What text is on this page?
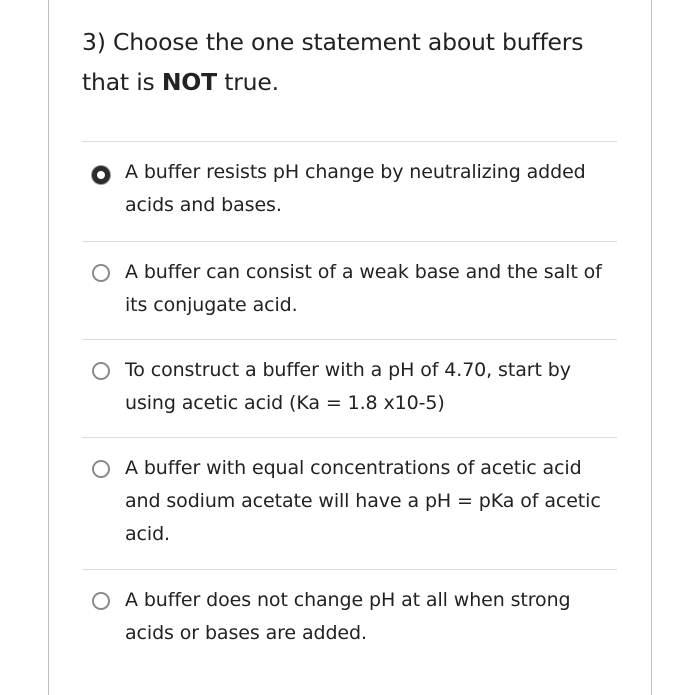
3) Choose the one statement about buffers that is NOT true.
A buffer resists pH change by neutralizing added acids and bases.
A buffer can consist of a weak base and the salt of its conjugate acid.
To construct a buffer with a pH of 4.70, start by using acetic acid (Ka = 1.8 x10-5)
A buffer with equal concentrations of acetic acid and sodium acetate will have a pH = pKa of acetic acid.
A buffer does not change pH at all when strong acids or bases are added.
